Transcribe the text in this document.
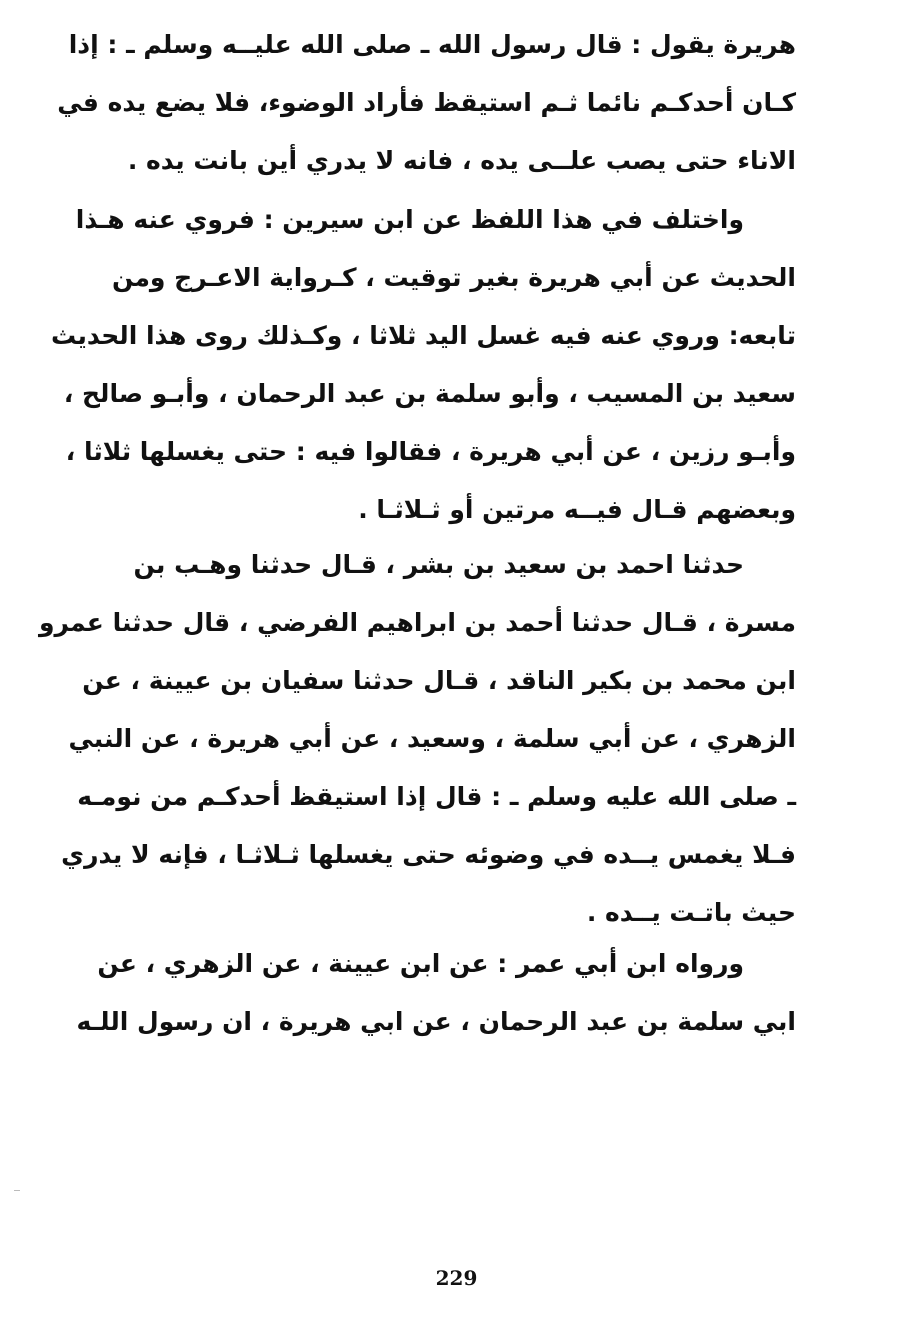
هريرة يقول : قال رسول الله ـ صلى الله عليــه وسلم ـ : إذا
كـان أحدكـم نائما ثـم استيقظ فأراد الوضوء، فلا يضع يده في
الاناء حتى يصب علــى يده ، فانه لا يدري أين بانت يده .
واختلف في هذا اللفظ عن ابن سيرين : فروي عنه هـذا
الحديث عن أبي هريرة بغير توقيت ، كـرواية الاعـرج ومن
تابعه: وروي عنه فيه غسل اليد ثلاثا ، وكـذلك روى هذا الحديث
سعيد بن المسيب ، وأبو سلمة بن عبد الرحمان ، وأبـو صالح ،
وأبـو رزين ، عن أبي هريرة ، فقالوا فيه : حتى يغسلها ثلاثا ،
وبعضهم قـال فيــه مرتين أو ثـلاثـا .
حدثنا احمد بن سعيد بن بشر ، قـال حدثنا وهـب بن
مسرة ، قـال حدثنا أحمد بن ابراهيم الفرضي ، قال حدثنا عمرو
ابن محمد بن بكير الناقد ، قـال حدثنا سفيان بن عيينة ، عن
الزهري ، عن أبي سلمة ، وسعيد ، عن أبي هريرة ، عن النبي
ـ صلى الله عليه وسلم ـ : قال إذا استيقظ أحدكـم من نومـه
فـلا يغمس يــده في وضوئه حتى يغسلها ثـلاثـا ، فإنه لا يدري
حيث باتـت يــده .
ورواه ابن أبي عمر : عن ابن عيينة ، عن الزهري ، عن
ابي سلمة بن عبد الرحمان ، عن ابي هريرة ، ان رسول اللـه
229
